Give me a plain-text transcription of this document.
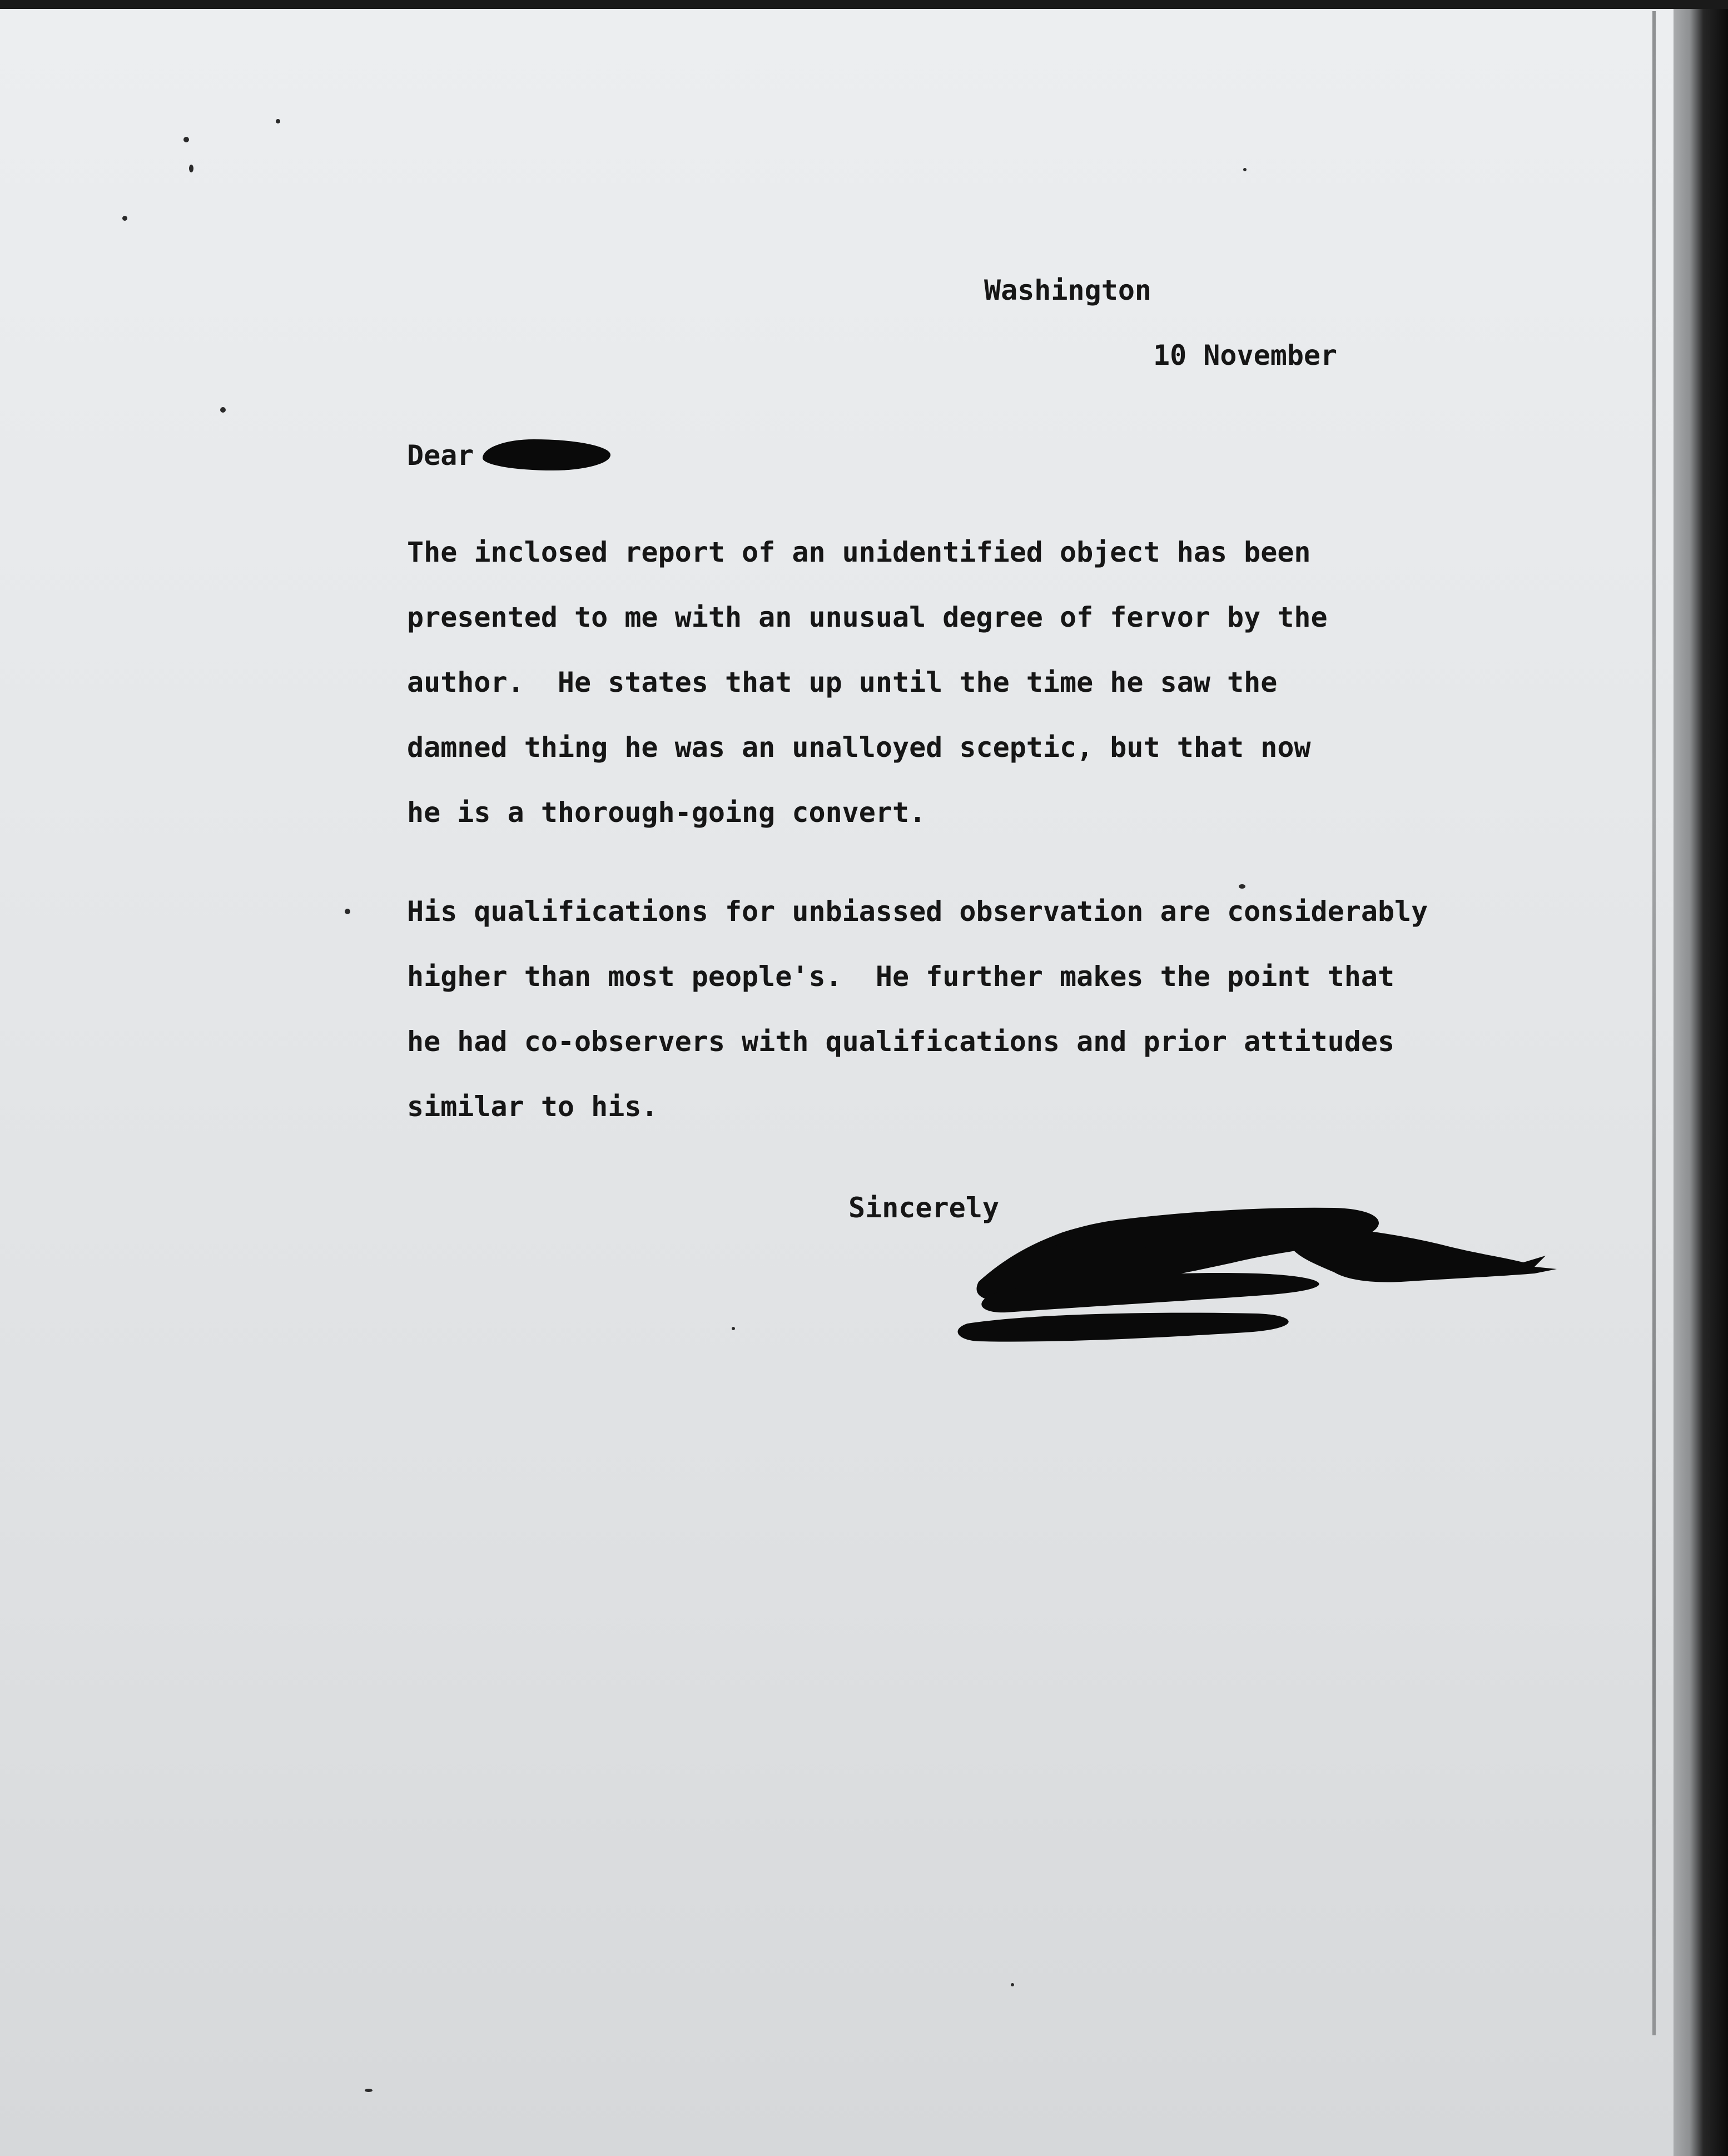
Washington
10 November
Dear
The inclosed report of an unidentified object has been
presented to me with an unusual degree of fervor by the
author.  He states that up until the time he saw the
damned thing he was an unalloyed sceptic, but that now
he is a thorough-going convert.
His qualifications for unbiassed observation are considerably
higher than most people's.  He further makes the point that
he had co-observers with qualifications and prior attitudes
similar to his.
Sincerely
